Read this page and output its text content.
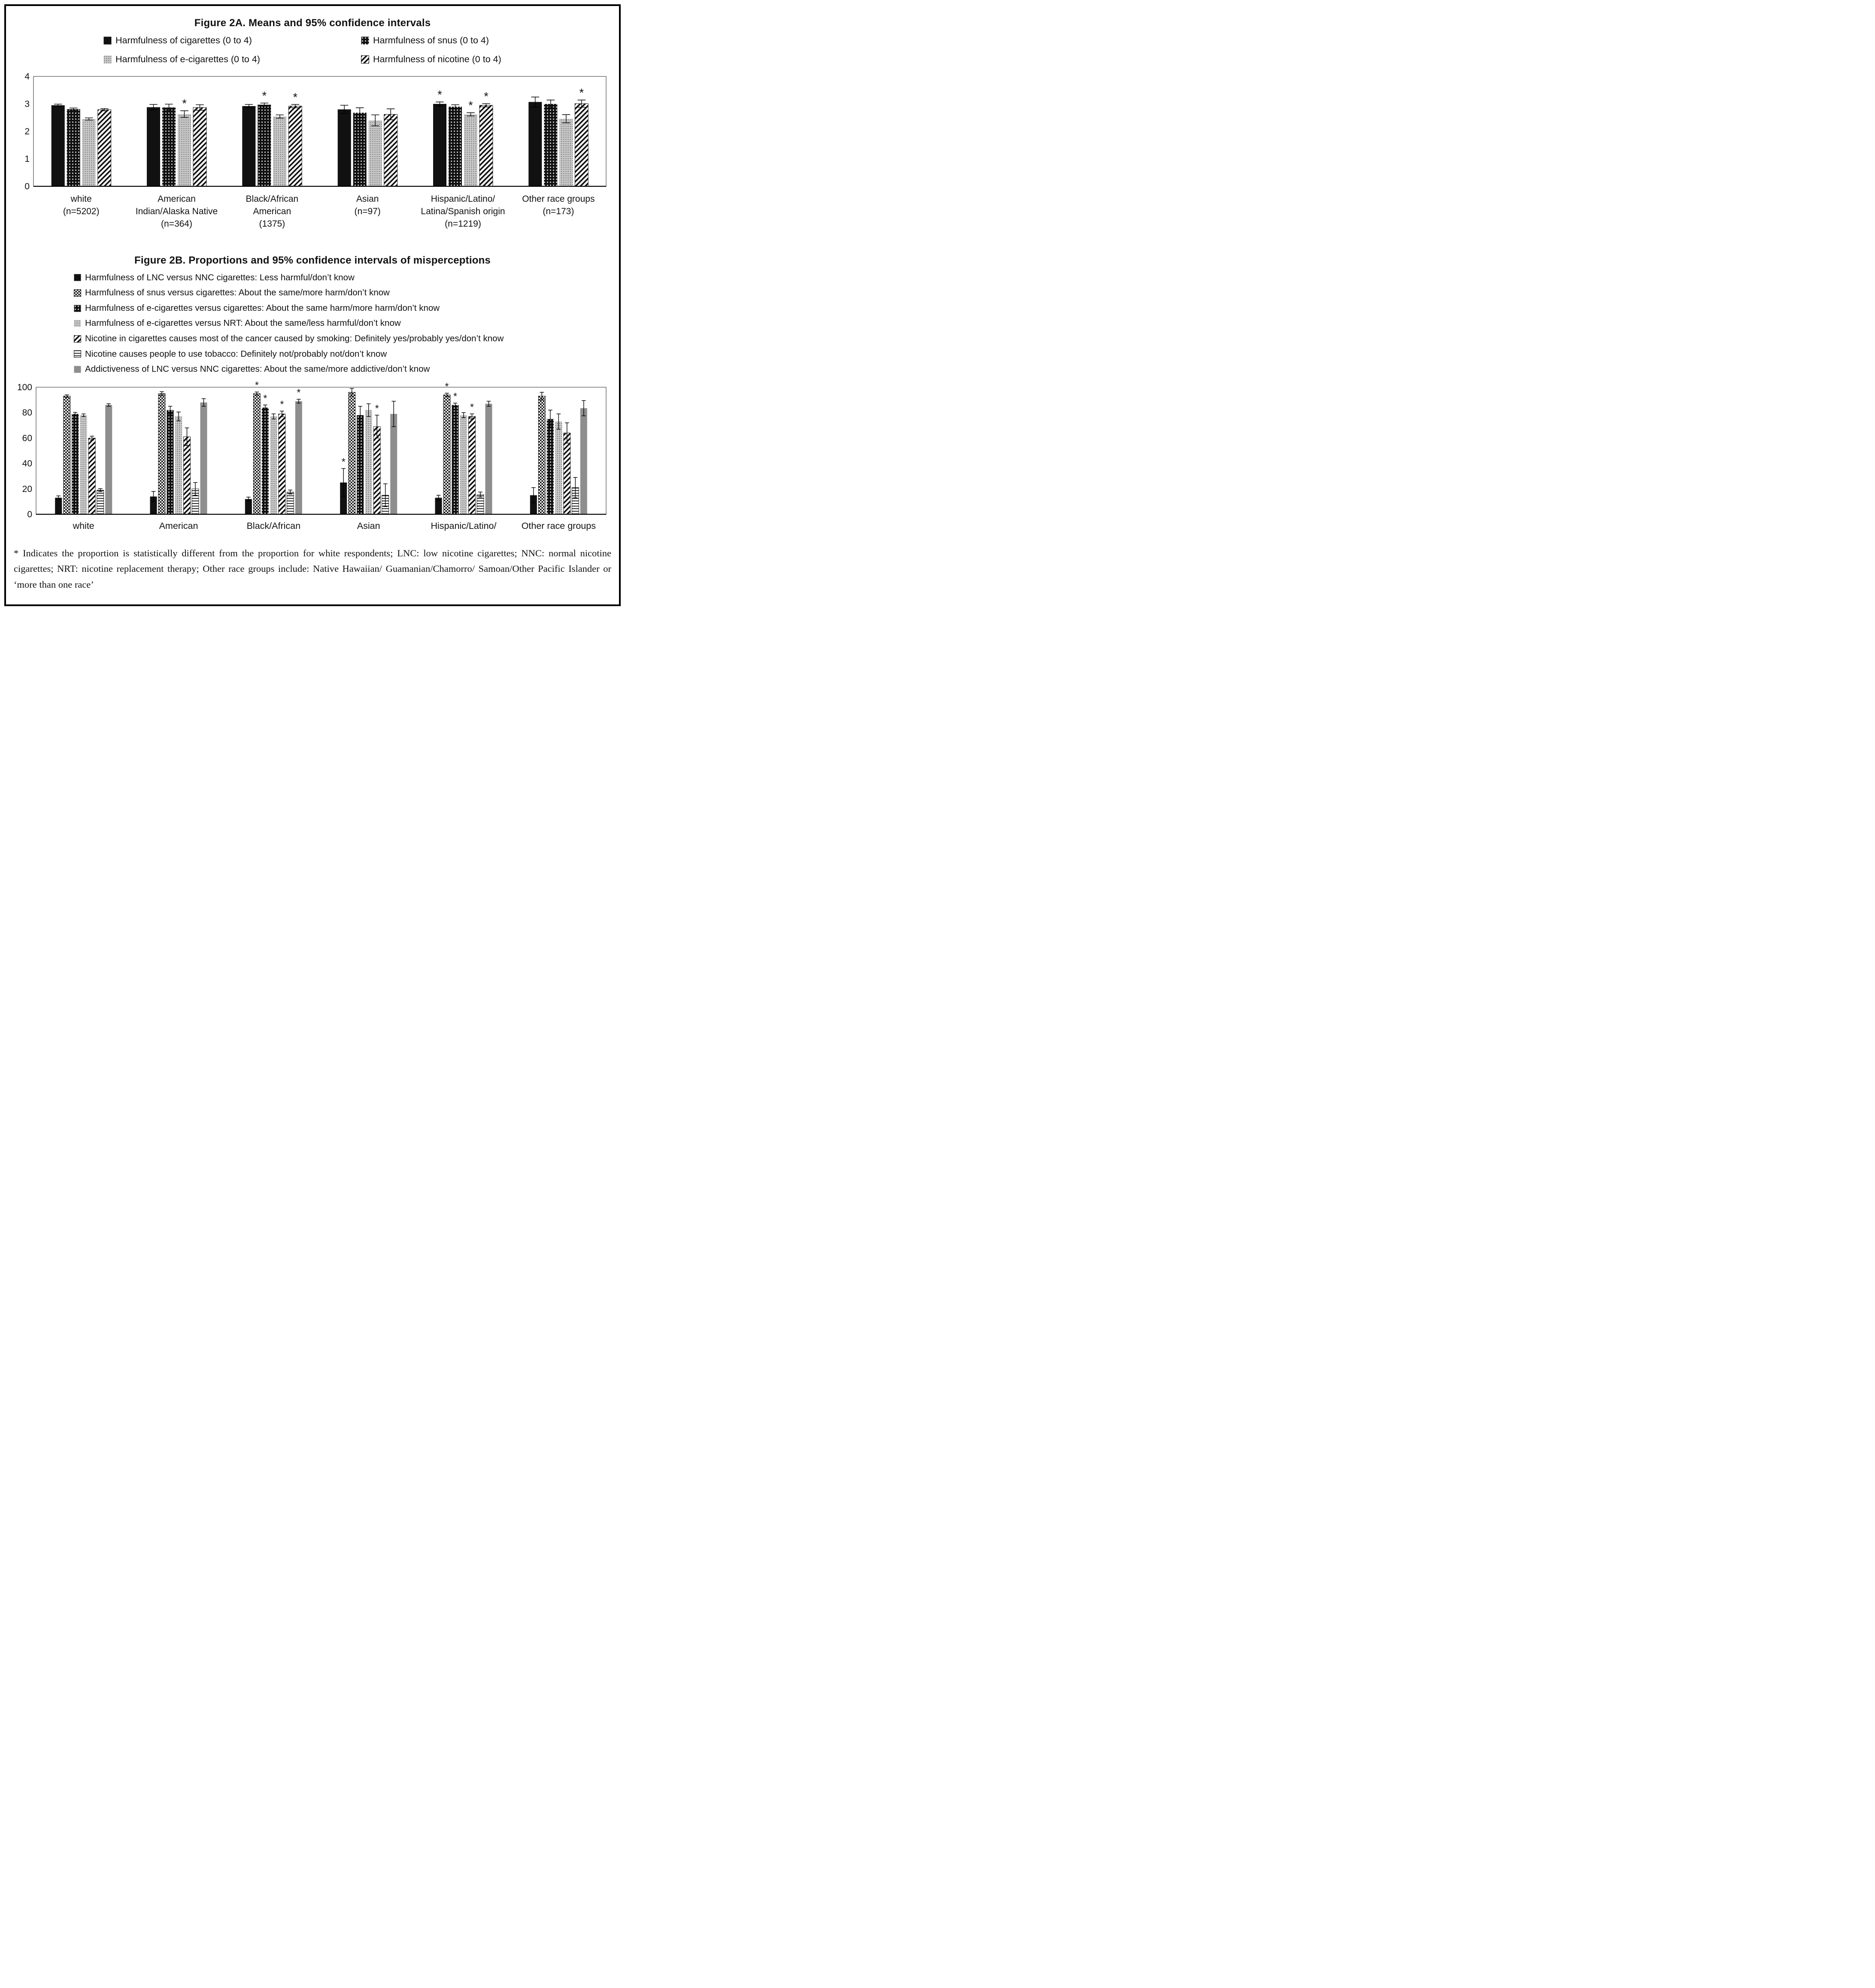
Figure 2A. Means and 95% confidence intervals
Harmfulness of cigarettes (0 to 4)	Harmfulness of snus (0 to 4)
Harmfulness of e-cigarettes (0 to 4)	Harmfulness of nicotine (0 to 4)
0
1
2
3
4
*
*
*	*
*	*	*
white (n=5202)
American Indian/Alaska Native (n=364)
Black/African American (1375)
Asian (n=97)
Hispanic/Latino/ Latina/Spanish origin (n=1219)
Other race groups (n=173)
Figure 2B. Proportions and 95% confidence intervals of misperceptions
Harmfulness of LNC versus NNC cigarettes: Less harmful/don’t know
Harmfulness of snus versus cigarettes: About the same/more harm/don’t know
Harmfulness of e-cigarettes versus cigarettes: About the same harm/more harm/don’t know
Harmfulness of e-cigarettes versus NRT: About the same/less harmful/don’t know
Nicotine in cigarettes causes most of the cancer caused by smoking: Definitely yes/probably yes/don’t know
Nicotine causes people to use tobacco: Definitely not/probably not/don’t know
Addictiveness of LNC versus NNC cigarettes: About the same/more addictive/don’t know
0
20
40
60
80
100
*
*	*
*	*
*	*	*
*
white	American	Black/African	Asian	Hispanic/Latino/	Other race groups

* Indicates the proportion is statistically different from the proportion for white respondents; LNC: low nicotine cigarettes; NNC: normal nicotine cigarettes; NRT: nicotine replacement therapy; Other race groups include: Native Hawaiian/ Guamanian/Chamorro/ Samoan/Other Pacific Islander or ‘more than one race’
